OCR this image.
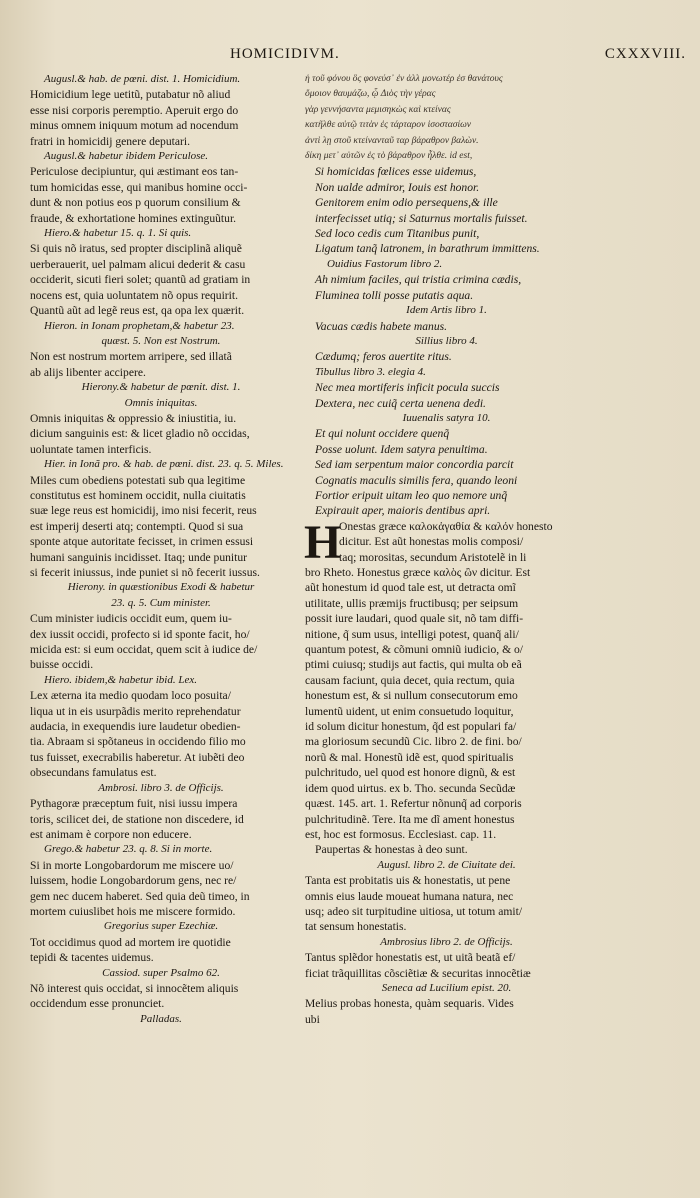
HOMICIDIVM.	CXXXVIII.
Augusl.& hab. de pœni. dist. 1. Homicidium.
Homicidium lege uetitũ, putabatur nõ aliud
esse nisi corporis peremptio. Aperuit ergo do
minus omnem iniquum motum ad nocendum
fratri in homicidij genere deputari.
Augusl.& habetur ibidem Periculose.
Periculose decipiuntur, qui æstimant eos tan-
tum homicidas esse, qui manibus homine occi-
dunt & non potius eos p quorum consilium &
fraude, & exhortatione homines extinguũtur.
Hiero.& habetur 15. q. 1. Si quis.
Si quis nõ iratus, sed propter disciplinã aliquẽ
uerberauerit, uel palmam alicui dederit & casu
occiderit, sicuti fieri solet; quantũ ad gratiam in
nocens est, quia uoluntatem nõ opus requirit.
Quantũ aũt ad legẽ reus est, qa opa lex quærit.
Hieron. in Ionam prophetam,& habetur 23.
quæst. 5. Non est Nostrum.
Non est nostrum mortem arripere, sed illatã
ab alijs libenter accipere.
Hierony.& habetur de pœnit. dist. 1.
Omnis iniquitas.
Omnis iniquitas & oppressio & iniustitia, iu.
dicium sanguinis est: & licet gladio nõ occidas,
uoluntate tamen interficis.
Hier. in Ionã pro. & hab. de pœni. dist. 23. q. 5. Miles.
Miles cum obediens potestati sub qua legitime
constitutus est hominem occidit, nulla ciuitatis
suæ lege reus est homicidij, imo nisi fecerit, reus
est imperij deserti atq; contempti. Quod si sua
sponte atque autoritate fecisset, in crimen essusi
humani sanguinis incidisset. Itaq; unde punitur
si fecerit iniussus, inde puniet si nõ fecerit iussus.
Hierony. in quæstionibus Exodi & habetur
23. q. 5. Cum minister.
Cum minister iudicis occidit eum, quem iu-
dex iussit occidi, profecto si id sponte facit, ho/
micida est: si eum occidat, quem scit à iudice de/
buisse occidi.
Hiero. ibidem,& habetur ibid. Lex.
Lex æterna ita medio quodam loco posuita/
liqua ut in eis usurpãdis merito reprehendatur
audacia, in exequendis iure laudetur obedien-
tia. Abraam si spõtaneus in occidendo filio mo
tus fuisset, execrabilis haberetur. At iubẽti deo
obsecundans famulatus est.
Ambrosi. libro 3. de Officijs.
Pythagoræ præceptum fuit, nisi iussu impera
toris, scilicet dei, de statione non discedere, id
est animam è corpore non educere.
Grego.& habetur 23. q. 8. Si in morte.
Si in morte Longobardorum me miscere uo/
luissem, hodie Longobardorum gens, nec re/
gem nec ducem haberet. Sed quia deũ timeo, in
mortem cuiuslibet hois me miscere formido.
Gregorius super Ezechiæ.
Tot occidimus quod ad mortem ire quotidie
tepidi & tacentes uidemus.
Cassiod. super Psalmo 62.
Nõ interest quis occidat, si innocẽtem aliquis
occidendum esse pronunciet.
Palladas.
ἡ τοῦ φόνου ὃς φονεύσ᾽ ἐν ἀλλ μονωτέρ ἐσ θανάτους
ὄμοιον θαυμάζω, ᾧ Διὸς τὴν γέρας
γὰρ γεννήσαντα μεμισηκὼς καὶ κτείνας
κατῆλθε αὐτῷ τιτὰν ἐς τάρταρον ἰσοστασίων
ἀντὶ λῃ στοῦ κτείνανταῦ ταρ βάραθρον βαλὼν.
δίκη μετ᾽ αὐτῶν ἐς τὸ βάραθρον ἦλθε. id est,
Si homicidas fœlices esse uidemus,
Non ualde admiror, Iouis est honor.
Genitorem enim odio persequens,& ille
interfecisset utiq; si Saturnus mortalis fuisset.
Sed loco cedis cum Titanibus punit,
Ligatum tanq̃ latronem, in barathrum immittens.
Ouidius Fastorum libro 2.
Ah nimium faciles, qui tristia crimina cædis,
Fluminea tolli posse putatis aqua.
Idem Artis libro 1.
Vacuas cædis habete manus.
Sillius libro 4.
Cædumq; feros auertite ritus.
Tibullus libro 3. elegia 4.
Nec mea mortiferis inficit pocula succis
Dextera, nec cuiq̃ certa uenena dedi.
Iuuenalis satyra 10.
Et qui nolunt occidere quenq̃
Posse uolunt. Idem satyra penultima.
Sed iam serpentum maior concordia parcit
Cognatis maculis similis fera, quando leoni
Fortior eripuit uitam leo quo nemore unq̃
Expirauit aper, maioris dentibus apri.
H
Onestas græce καλοκἀγαθία & καλόν honesto
dicitur. Est aũt honestas molis composi/
taq; morositas, secundum Aristotelẽ in li
bro Rheto. Honestus græce καλὸς ὢν dicitur. Est
aũt honestum id quod tale est, ut detracta omĩ
utilitate, ullis præmijs fructibusq; per seipsum
possit iure laudari, quod quale sit, nõ tam diffi-
nitione, q̃ sum usus, intelligi potest, quanq̃ ali/
quantum potest, & cõmuni omniũ iudicio, & o/
ptimi cuiusq; studijs aut factis, qui multa ob eã
causam faciunt, quia decet, quia rectum, quia
honestum est, & si nullum consecutorum emo
lumentũ uident, ut enim consuetudo loquitur,
id solum dicitur honestum, q̃d est populari fa/
ma gloriosum secundũ Cic. libro 2. de fini. bo/
norũ & mal. Honestũ idẽ est, quod spiritualis
pulchritudo, uel quod est honore dignũ, & est
idem quod uirtus. ex b. Tho. secunda Secũdæ
quæst. 145. art. 1. Refertur nõnunq̃ ad corporis
pulchritudinẽ. Tere. Ita me dĩ ament honestus
est, hoc est formosus. Ecclesiast. cap. 11.
Paupertas & honestas à deo sunt.
Augusl. libro 2. de Ciuitate dei.
Tanta est probitatis uis & honestatis, ut pene
omnis eius laude moueat humana natura, nec
usq; adeo sit turpitudine uitiosa, ut totum amit/
tat sensum honestatis.
Ambrosius libro 2. de Officijs.
Tantus splẽdor honestatis est, ut uitã beatã ef/
ficiat trãquillitas cõsciẽtiæ & securitas innocẽtiæ
Seneca ad Lucilium epist. 20.
Melius probas honesta, quàm sequaris. Vides
ubi
